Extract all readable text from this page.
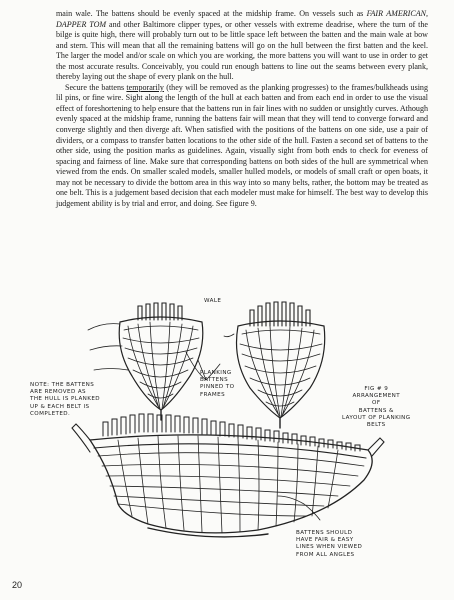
main wale. The battens should be evenly spaced at the midship frame. On vessels such as FAIR AMERICAN, DAPPER TOM and other Baltimore clipper types, or other vessels with extreme deadrise, where the turn of the bilge is quite high, there will probably turn out to be little space left between the batten and the main wale at bow and stern. This will mean that all the remaining battens will go on the hull between the first batten and the keel. The larger the model and/or scale on which you are working, the more battens you will want to use in order to get the most accurate results. Conceivably, you could run enough battens to line out the seams between every plank, thereby laying out the shape of every plank on the hull.

Secure the battens temporarily (they will be removed as the planking progresses) to the frames/bulkheads using lil pins, or fine wire. Sight along the length of the hull at each batten and from each end in order to use the visual effect of foreshortening to help ensure that the battens run in fair lines with no sudden or unsightly curves. Athough evenly spaced at the midship frame, running the battens fair will mean that they will tend to converge forward and converge slightly and then diverge aft. When satisfied with the positions of the battens on one side, use a pair of dividers, or a compass to transfer batten locations to the other side of the hull. Fasten a second set of battens to the other side, using the position marks as guidelines. Again, visually sight from both ends to check for eveness of spacing and fairness of line. Make sure that corresponding battens on both sides of the hull are symmetrical when viewed from the ends. On smaller scaled models, smaller hulled models, or models of small craft or open boats, it may not be necessary to divide the bottom area in this way into so many belts, rather, the bottom may be treated as one belt. This is a judgement based decision that each modeler must make for himself. The best way to develop this judgement ability is by trial and error, and doing. See figure 9.

WALE
PLANKING
BATTENS
PINNED TO
FRAMES
NOTE: THE BATTENS
ARE REMOVED AS
THE HULL IS PLANKED
UP & EACH BELT IS
COMPLETED.
FIG # 9
ARRANGEMENT
OF
BATTENS &
LAYOUT OF PLANKING
BELTS
BATTENS SHOULD
HAVE FAIR & EASY
LINES WHEN VIEWED
FROM ALL ANGLES
20
